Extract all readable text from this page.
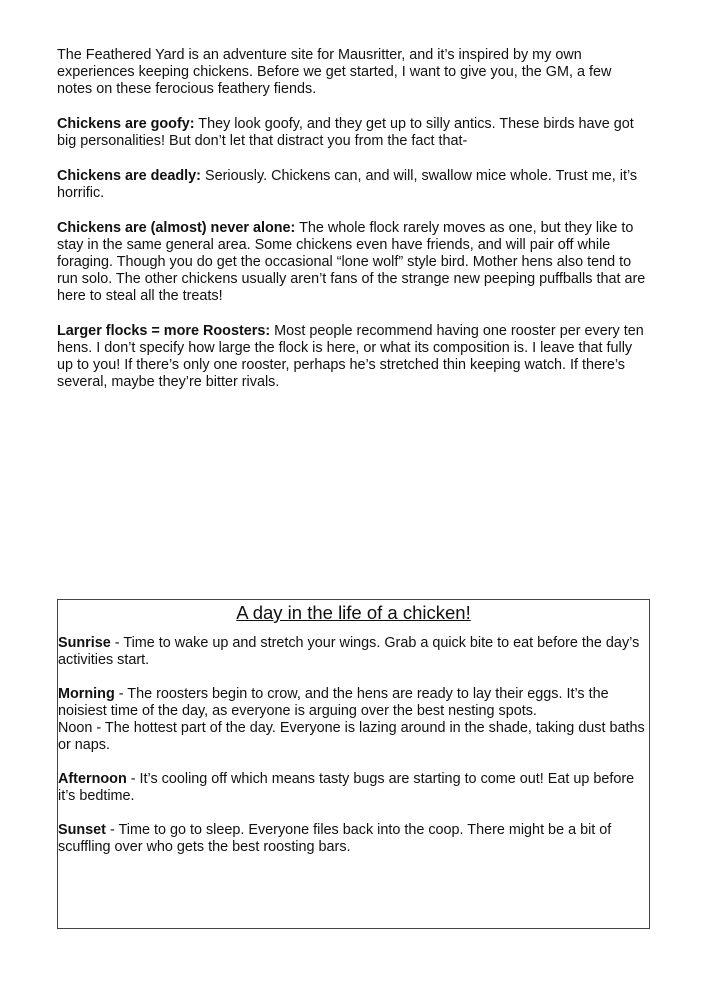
The Feathered Yard is an adventure site for Mausritter, and it’s inspired by my own experiences keeping chickens. Before we get started, I want to give you, the GM, a few notes on these ferocious feathery fiends.

Chickens are goofy: They look goofy, and they get up to silly antics. These birds have got big personalities! But don’t let that distract you from the fact that-

Chickens are deadly: Seriously. Chickens can, and will, swallow mice whole. Trust me, it’s horrific.

Chickens are (almost) never alone: The whole flock rarely moves as one, but they like to stay in the same general area. Some chickens even have friends, and will pair off while foraging. Though you do get the occasional “lone wolf” style bird. Mother hens also tend to run solo. The other chickens usually aren’t fans of the strange new peeping puffballs that are here to steal all the treats!

Larger flocks = more Roosters: Most people recommend having one rooster per every ten hens. I don’t specify how large the flock is here, or what its composition is. I leave that fully up to you! If there’s only one rooster, perhaps he’s stretched thin keeping watch. If there’s several, maybe they’re bitter rivals.

A day in the life of a chicken!

Sunrise - Time to wake up and stretch your wings. Grab a quick bite to eat before the day’s activities start.

Morning - The roosters begin to crow, and the hens are ready to lay their eggs. It’s the noisiest time of the day, as everyone is arguing over the best nesting spots.

Noon - The hottest part of the day. Everyone is lazing around in the shade, taking dust baths or naps.

Afternoon - It’s cooling off which means tasty bugs are starting to come out! Eat up before it’s bedtime.

Sunset - Time to go to sleep. Everyone files back into the coop. There might be a bit of scuffling over who gets the best roosting bars.
